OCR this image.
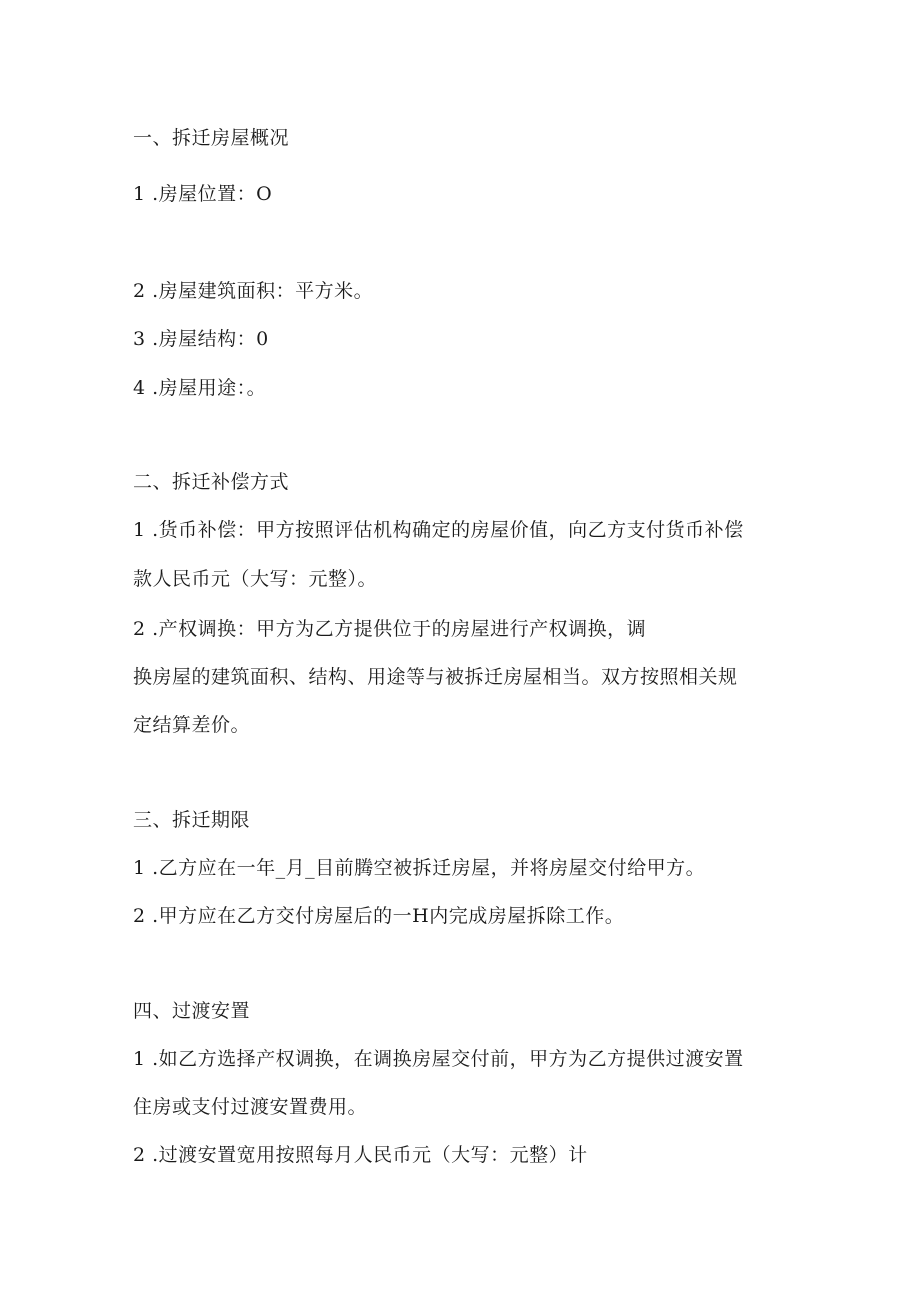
一、拆迁房屋概况
1 .房屋位置：O
2 .房屋建筑面积：平方米。
3 .房屋结构：0
4 .房屋用途：。
二、拆迁补偿方式
1 .货币补偿：甲方按照评估机构确定的房屋价值，向乙方支付货币补偿
款人民币元（大写：元整）。
2 .产权调换：甲方为乙方提供位于的房屋进行产权调换，调
换房屋的建筑面积、结构、用途等与被拆迁房屋相当。双方按照相关规
定结算差价。
三、拆迁期限
1 .乙方应在一年_月_目前腾空被拆迁房屋，并将房屋交付给甲方。
2 .甲方应在乙方交付房屋后的一H内完成房屋拆除工作。
四、过渡安置
1 .如乙方选择产权调换，在调换房屋交付前，甲方为乙方提供过渡安置
住房或支付过渡安置费用。
2 .过渡安置宽用按照每月人民币元（大写：元整）计
